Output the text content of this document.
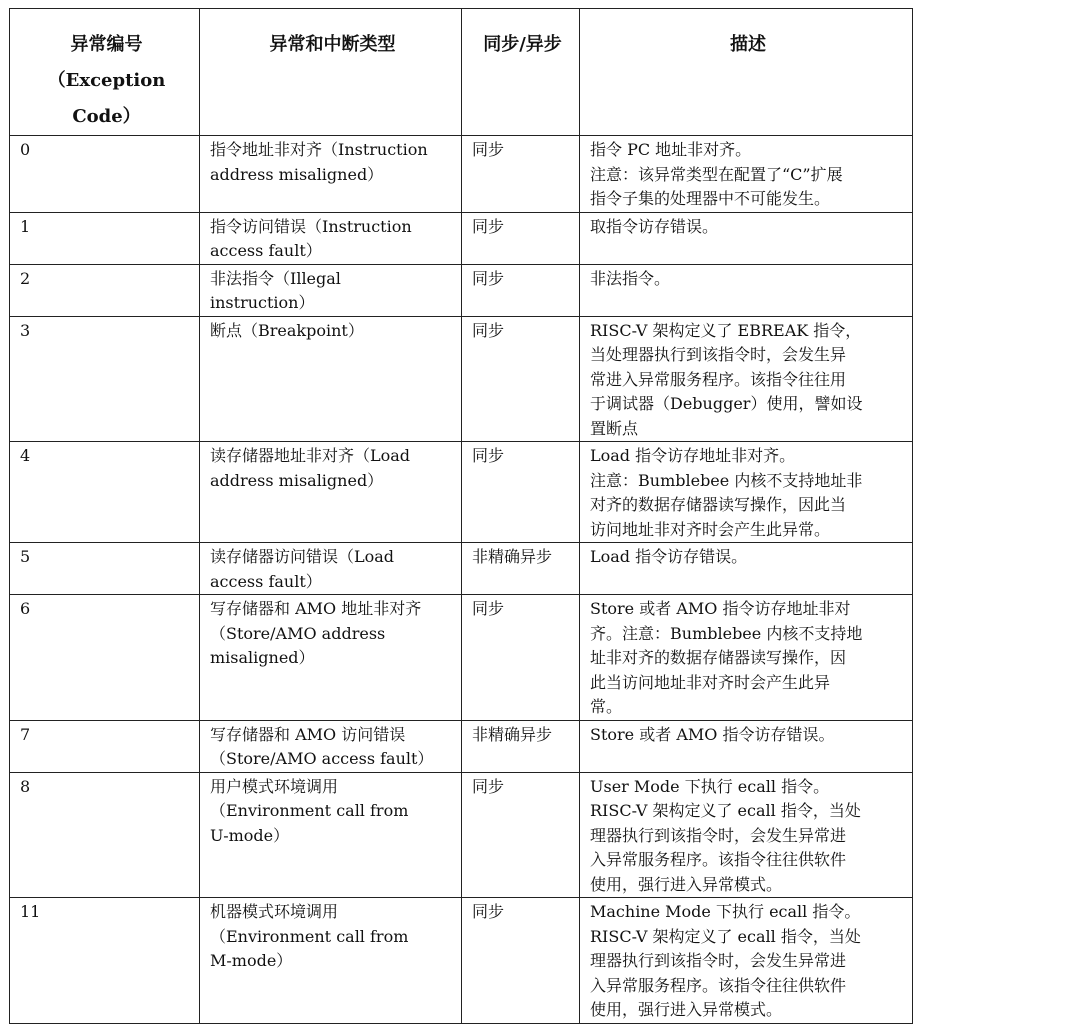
异常编号
（Exception
Code）	异常和中断类型	同步/异步	描述
0	指令地址非对齐（Instruction
address misaligned）	同步	指令 PC 地址非对齐。
注意：该异常类型在配置了“C”扩展
指令子集的处理器中不可能发生。

1	指令访问错误（Instruction
access fault）	同步	取指令访存错误。

2	非法指令（Illegal
instruction）	同步	非法指令。

3	断点（Breakpoint）	同步	RISC-V 架构定义了 EBREAK 指令，
当处理器执行到该指令时，会发生异
常进入异常服务程序。该指令往往用
于调试器（Debugger）使用，譬如设
置断点

4	读存储器地址非对齐（Load
address misaligned）	同步	Load 指令访存地址非对齐。
注意：Bumblebee 内核不支持地址非
对齐的数据存储器读写操作，因此当
访问地址非对齐时会产生此异常。

5	读存储器访问错误（Load
access fault）	非精确异步	Load 指令访存错误。

6	写存储器和 AMO 地址非对齐
（Store/AMO address
misaligned）	同步	Store 或者 AMO 指令访存地址非对
齐。注意：Bumblebee 内核不支持地
址非对齐的数据存储器读写操作，因
此当访问地址非对齐时会产生此异
常。

7	写存储器和 AMO 访问错误
（Store/AMO access fault）	非精确异步	Store 或者 AMO 指令访存错误。

8	用户模式环境调用
（Environment call from
U-mode）	同步	User Mode 下执行 ecall 指令。
RISC-V 架构定义了 ecall 指令，当处
理器执行到该指令时，会发生异常进
入异常服务程序。该指令往往供软件
使用，强行进入异常模式。

11	机器模式环境调用
（Environment call from
M-mode）	同步	Machine Mode 下执行 ecall 指令。
RISC-V 架构定义了 ecall 指令，当处
理器执行到该指令时，会发生异常进
入异常服务程序。该指令往往供软件
使用，强行进入异常模式。
